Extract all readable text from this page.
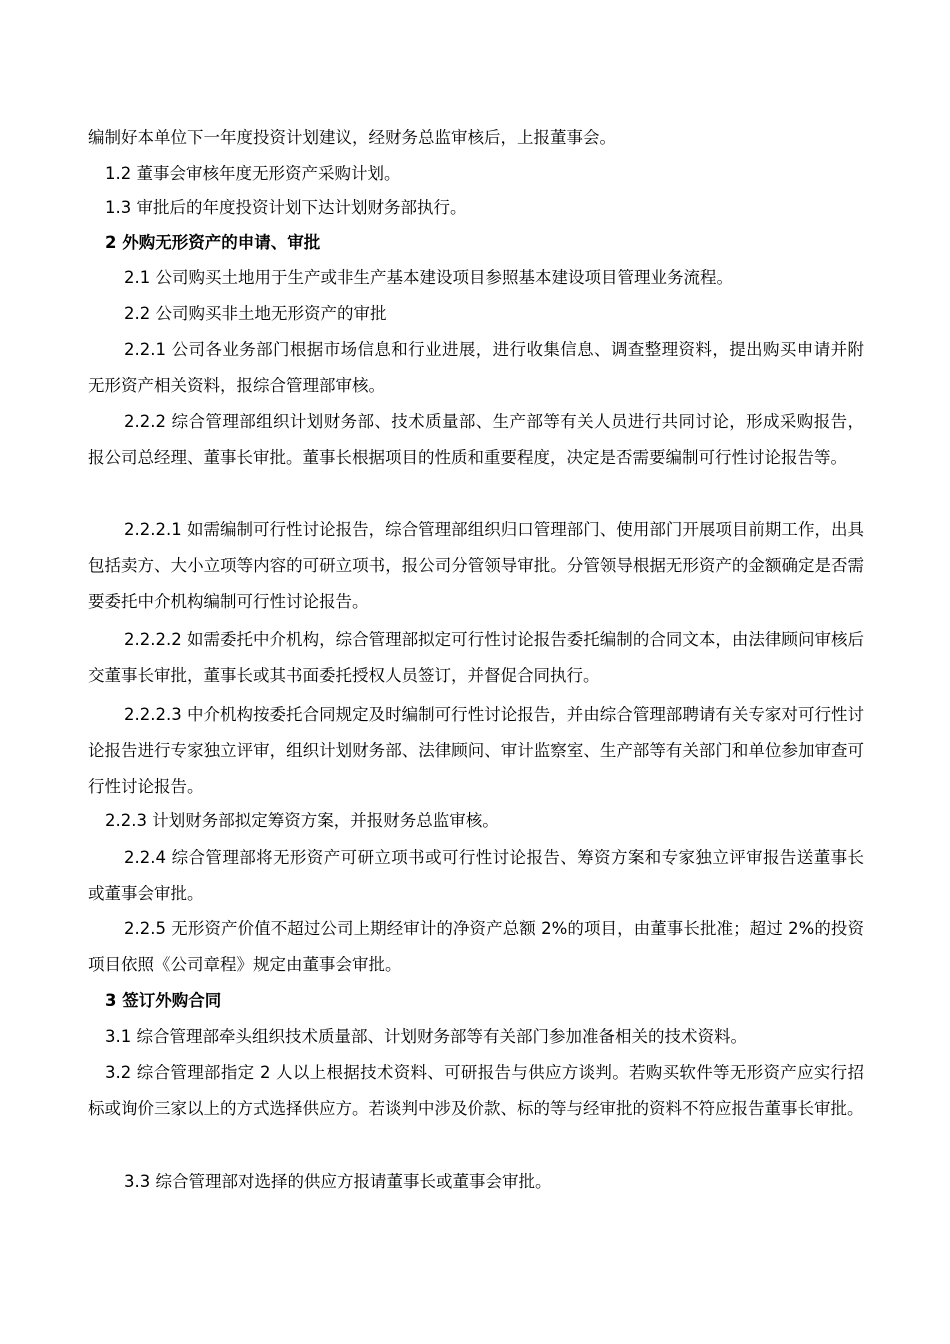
编制好本单位下一年度投资计划建议，经财务总监审核后，上报董事会。

1.2 董事会审核年度无形资产采购计划。

1.3 审批后的年度投资计划下达计划财务部执行。

2 外购无形资产的申请、审批

2.1 公司购买土地用于生产或非生产基本建设项目参照基本建设项目管理业务流程。

2.2 公司购买非土地无形资产的审批

2.2.1 公司各业务部门根据市场信息和行业进展，进行收集信息、调查整理资料，提出购买申请并附无形资产相关资料，报综合管理部审核。

2.2.2 综合管理部组织计划财务部、技术质量部、生产部等有关人员进行共同讨论，形成采购报告，报公司总经理、董事长审批。董事长根据项目的性质和重要程度，决定是否需要编制可行性讨论报告等。

2.2.2.1 如需编制可行性讨论报告，综合管理部组织归口管理部门、使用部门开展项目前期工作，出具包括卖方、大小立项等内容的可研立项书，报公司分管领导审批。分管领导根据无形资产的金额确定是否需要委托中介机构编制可行性讨论报告。

2.2.2.2 如需委托中介机构，综合管理部拟定可行性讨论报告委托编制的合同文本，由法律顾问审核后交董事长审批，董事长或其书面委托授权人员签订，并督促合同执行。

2.2.2.3 中介机构按委托合同规定及时编制可行性讨论报告，并由综合管理部聘请有关专家对可行性讨论报告进行专家独立评审，组织计划财务部、法律顾问、审计监察室、生产部等有关部门和单位参加审查可行性讨论报告。

2.2.3 计划财务部拟定筹资方案，并报财务总监审核。

2.2.4 综合管理部将无形资产可研立项书或可行性讨论报告、筹资方案和专家独立评审报告送董事长或董事会审批。

2.2.5 无形资产价值不超过公司上期经审计的净资产总额 2%的项目，由董事长批准；超过 2%的投资项目依照《公司章程》规定由董事会审批。

3 签订外购合同

3.1 综合管理部牵头组织技术质量部、计划财务部等有关部门参加准备相关的技术资料。

3.2 综合管理部指定 2 人以上根据技术资料、可研报告与供应方谈判。若购买软件等无形资产应实行招标或询价三家以上的方式选择供应方。若谈判中涉及价款、标的等与经审批的资料不符应报告董事长审批。

3.3 综合管理部对选择的供应方报请董事长或董事会审批。
